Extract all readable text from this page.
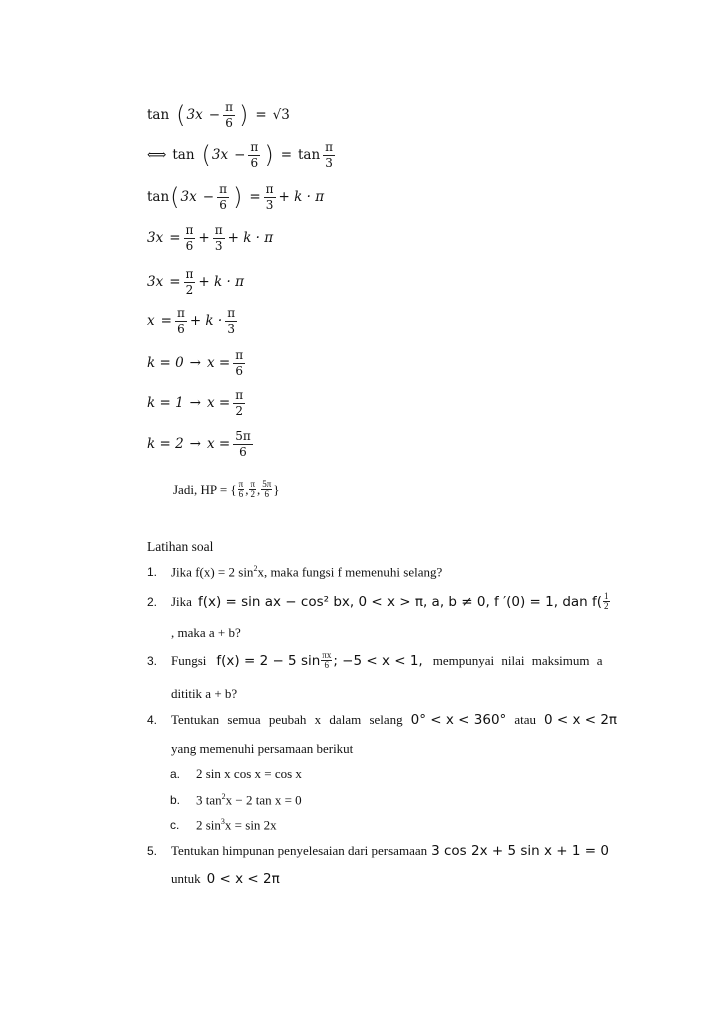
tan ( $3x - \frac{\pi}{6}$ ) = √3
⟺ tan ( $3x - \frac{\pi}{6}$ ) = $\tan \frac{\pi}{3}$
tan ( $3x - \frac{\pi}{6}$ ) = $\frac{\pi}{3} + k \cdot \pi$
$3x = \frac{\pi}{6} + \frac{\pi}{3} + k \cdot \pi$
$3x = \frac{\pi}{2} + k \cdot \pi$
$x = \frac{\pi}{6} + k \cdot \frac{\pi}{3}$
$k = 0 \to x = \frac{\pi}{6}$
$k = 1 \to x = \frac{\pi}{2}$
$k = 2 \to x = \frac{5\pi}{6}$
Jadi, HP = { $\frac{\pi}{6}$ , $\frac{\pi}{2}$ , $\frac{5\pi}{6}$ }
Latihan soal
1. Jika f(x) = 2 $\sin^2x$, maka fungsi f memenuhi selang?
2.	Jika f(x) = sin ax − cos² bx, 0 < x > π, a, b ≠ 0, f ′(0) = 1, dan $f( \frac{1}{2}$
, maka a + b?
3.	Fungsi f(x) = 2 − 5 $\sin \frac{\pi x}{6}$ ; −5 < x < 1, mempunyai nilai maksimum a
dititik a + b?
4.	Tentukan semua peubah x dalam selang 0° < x < 360° atau 0 < x < 2π
yang memenuhi persamaan berikut
a. 2 sin x cos x = cos x
b. 3 $\tan^2x - 2$ tan x = 0
c. 2 $\sin^3x = \sin 2x$
5.	Tentukan himpunan penyelesaian dari persamaan 3 cos 2x + 5 sin x + 1 = 0
untuk 0 < x < 2π
